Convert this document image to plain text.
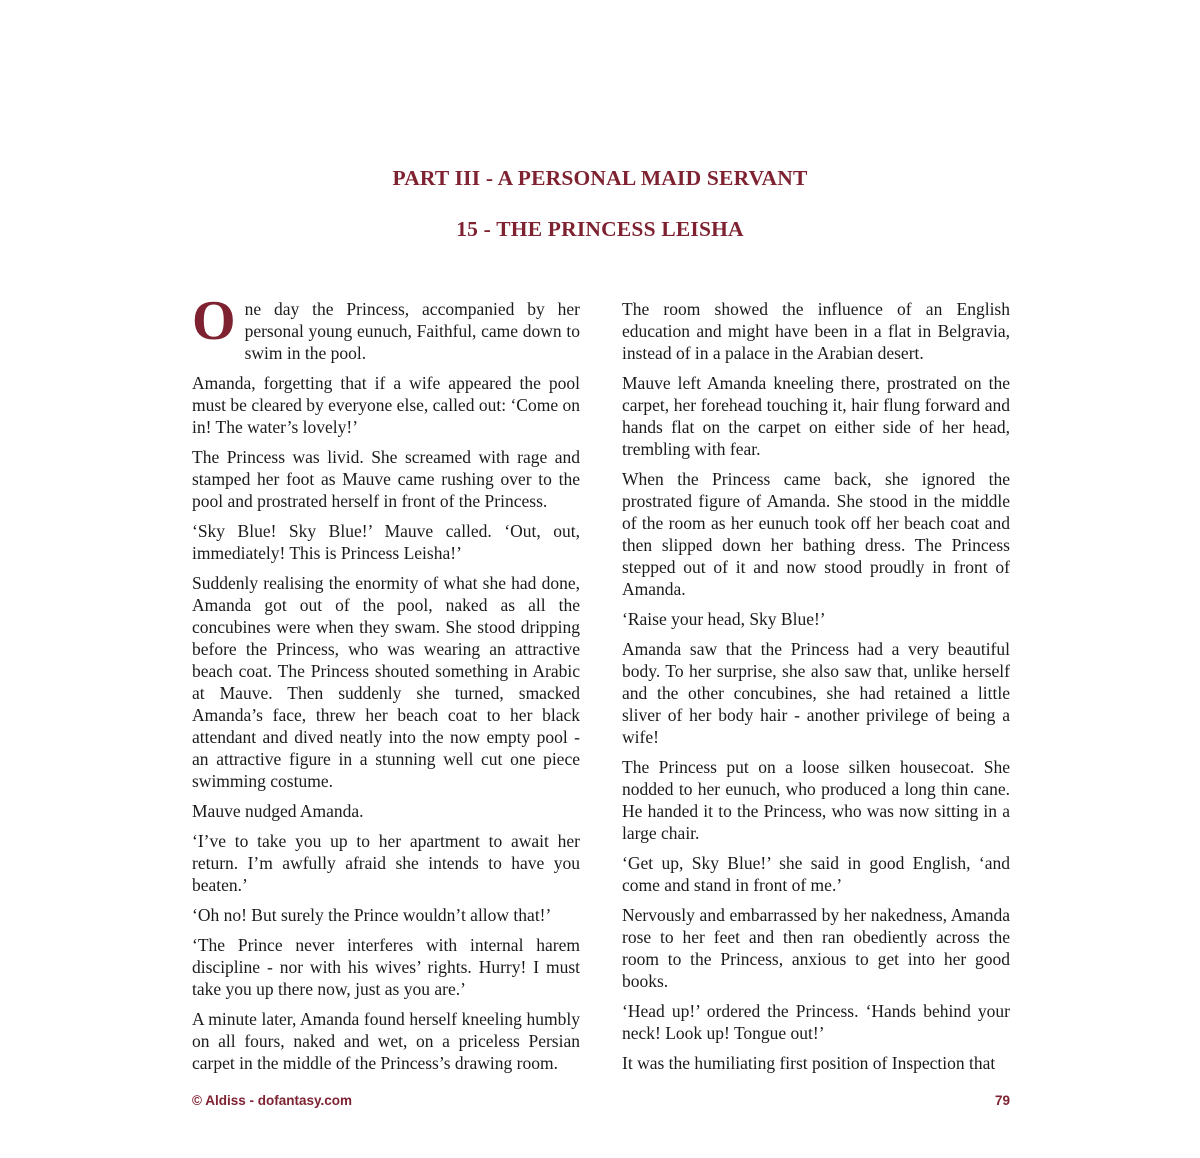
PART III - A PERSONAL MAID SERVANT
15 - THE PRINCESS LEISHA

One day the Princess, accompanied by her personal young eunuch, Faithful, came down to swim in the pool.

Amanda, forgetting that if a wife appeared the pool must be cleared by everyone else, called out: ‘Come on in! The water’s lovely!’

The Princess was livid. She screamed with rage and stamped her foot as Mauve came rushing over to the pool and prostrated herself in front of the Princess.

‘Sky Blue! Sky Blue!’ Mauve called. ‘Out, out, immediately! This is Princess Leisha!’

Suddenly realising the enormity of what she had done, Amanda got out of the pool, naked as all the concubines were when they swam. She stood dripping before the Princess, who was wearing an attractive beach coat. The Princess shouted something in Arabic at Mauve. Then suddenly she turned, smacked Amanda’s face, threw her beach coat to her black attendant and dived neatly into the now empty pool - an attractive figure in a stunning well cut one piece swimming costume.

Mauve nudged Amanda.

‘I’ve to take you up to her apartment to await her return. I’m awfully afraid she intends to have you beaten.’

‘Oh no! But surely the Prince wouldn’t allow that!’

‘The Prince never interferes with internal harem discipline - nor with his wives’ rights. Hurry! I must take you up there now, just as you are.’

A minute later, Amanda found herself kneeling humbly on all fours, naked and wet, on a priceless Persian carpet in the middle of the Princess’s drawing room.

The room showed the influence of an English education and might have been in a flat in Belgravia, instead of in a palace in the Arabian desert.

Mauve left Amanda kneeling there, prostrated on the carpet, her forehead touching it, hair flung forward and hands flat on the carpet on either side of her head, trembling with fear.

When the Princess came back, she ignored the prostrated figure of Amanda. She stood in the middle of the room as her eunuch took off her beach coat and then slipped down her bathing dress. The Princess stepped out of it and now stood proudly in front of Amanda.

‘Raise your head, Sky Blue!’

Amanda saw that the Princess had a very beautiful body. To her surprise, she also saw that, unlike herself and the other concubines, she had retained a little sliver of her body hair - another privilege of being a wife!

The Princess put on a loose silken housecoat. She nodded to her eunuch, who produced a long thin cane. He handed it to the Princess, who was now sitting in a large chair.

‘Get up, Sky Blue!’ she said in good English, ‘and come and stand in front of me.’

Nervously and embarrassed by her nakedness, Amanda rose to her feet and then ran obediently across the room to the Princess, anxious to get into her good books.

‘Head up!’ ordered the Princess. ‘Hands behind your neck! Look up! Tongue out!’

It was the humiliating first position of Inspection that

© Aldiss - dofantasy.com	79
